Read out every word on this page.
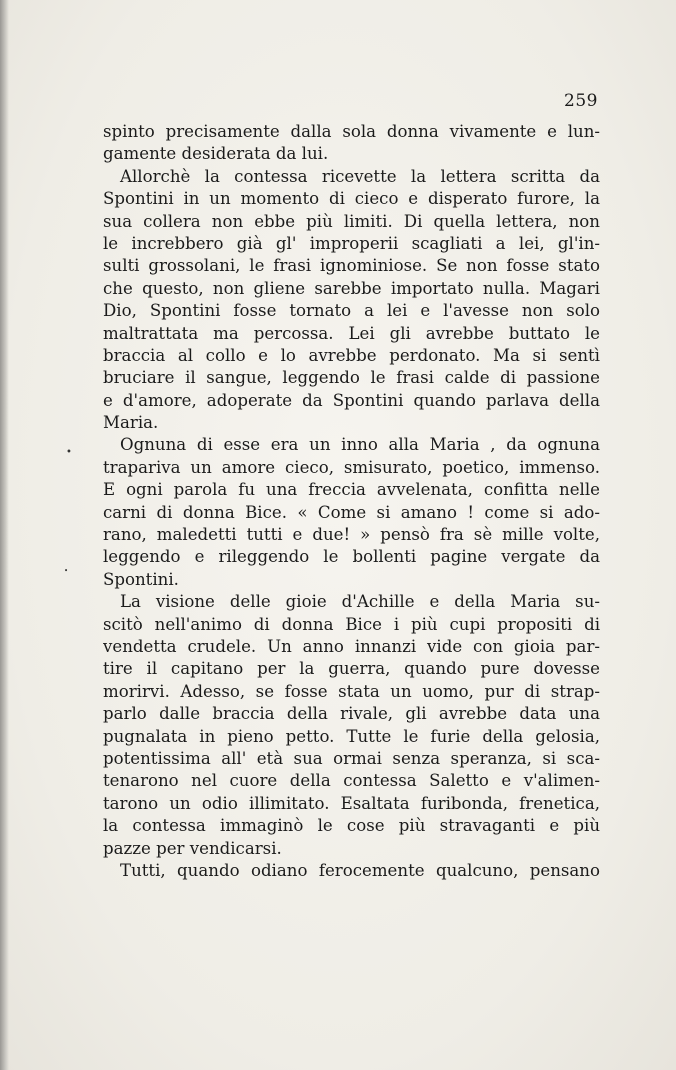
259
spinto precisamente dalla sola donna vivamente e lun-
gamente desiderata da lui.
Allorchè la contessa ricevette la lettera scritta da
Spontini in un momento di cieco e disperato furore, la
sua collera non ebbe più limiti. Di quella lettera, non
le increbbero già gl' improperii scagliati a lei, gl'in-
sulti grossolani, le frasi ignominiose. Se non fosse stato
che questo, non gliene sarebbe importato nulla. Magari
Dio, Spontini fosse tornato a lei e l'avesse non solo
maltrattata ma percossa. Lei gli avrebbe buttato le
braccia al collo e lo avrebbe perdonato. Ma si sentì
bruciare il sangue, leggendo le frasi calde di passione
e d'amore, adoperate da Spontini quando parlava della
Maria.
Ognuna di esse era un inno alla Maria , da ognuna
trapariva un amore cieco, smisurato, poetico, immenso.
E ogni parola fu una freccia avvelenata, confitta nelle
carni di donna Bice. « Come si amano ! come si ado-
rano, maledetti tutti e due! » pensò fra sè mille volte,
leggendo e rileggendo le bollenti pagine vergate da
Spontini.
La visione delle gioie d'Achille e della Maria su-
scitò nell'animo di donna Bice i più cupi propositi di
vendetta crudele. Un anno innanzi vide con gioia par-
tire il capitano per la guerra, quando pure dovesse
morirvi. Adesso, se fosse stata un uomo, pur di strap-
parlo dalle braccia della rivale, gli avrebbe data una
pugnalata in pieno petto. Tutte le furie della gelosia,
potentissima all' età sua ormai senza speranza, si sca-
tenarono nel cuore della contessa Saletto e v'alimen-
tarono un odio illimitato. Esaltata furibonda, frenetica,
la contessa immaginò le cose più stravaganti e più
pazze per vendicarsi.
Tutti, quando odiano ferocemente qualcuno, pensano
•
•
